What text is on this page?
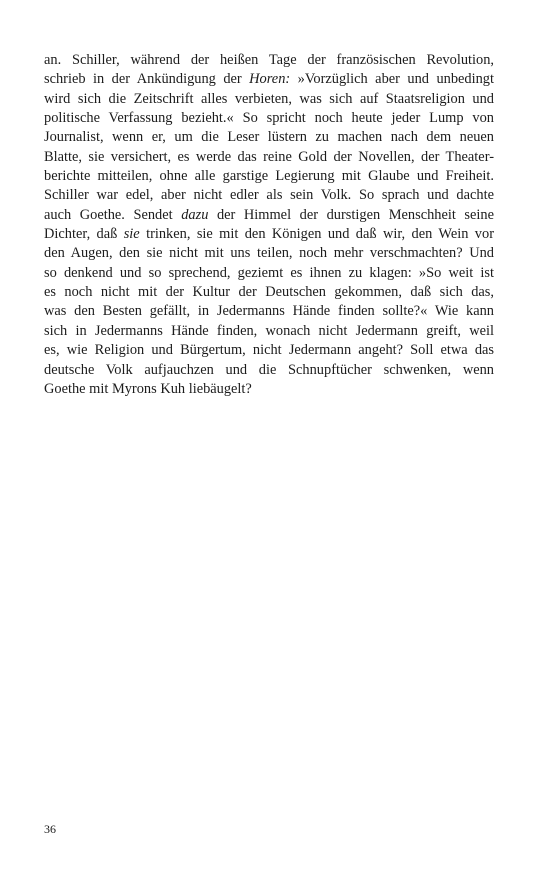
an. Schiller, während der heißen Tage der französischen Revolution,
schrieb in der Ankündigung der Horen: »Vorzüglich aber und unbedingt
wird sich die Zeitschrift alles verbieten, was sich auf Staatsreligion und
politische Verfassung bezieht.« So spricht noch heute jeder Lump von
Journalist, wenn er, um die Leser lüstern zu machen nach dem neuen
Blatte, sie versichert, es werde das reine Gold der Novellen, der Theater-
berichte mitteilen, ohne alle garstige Legierung mit Glaube und Freiheit.
Schiller war edel, aber nicht edler als sein Volk. So sprach und dachte
auch Goethe. Sendet dazu der Himmel der durstigen Menschheit seine
Dichter, daß sie trinken, sie mit den Königen und daß wir, den Wein vor
den Augen, den sie nicht mit uns teilen, noch mehr verschmachten? Und
so denkend und so sprechend, geziemt es ihnen zu klagen: »So weit ist
es noch nicht mit der Kultur der Deutschen gekommen, daß sich das,
was den Besten gefällt, in Jedermanns Hände finden sollte?« Wie kann
sich in Jedermanns Hände finden, wonach nicht Jedermann greift, weil
es, wie Religion und Bürgertum, nicht Jedermann angeht? Soll etwa das
deutsche Volk aufjauchzen und die Schnupftücher schwenken, wenn
Goethe mit Myrons Kuh liebäugelt?
36
